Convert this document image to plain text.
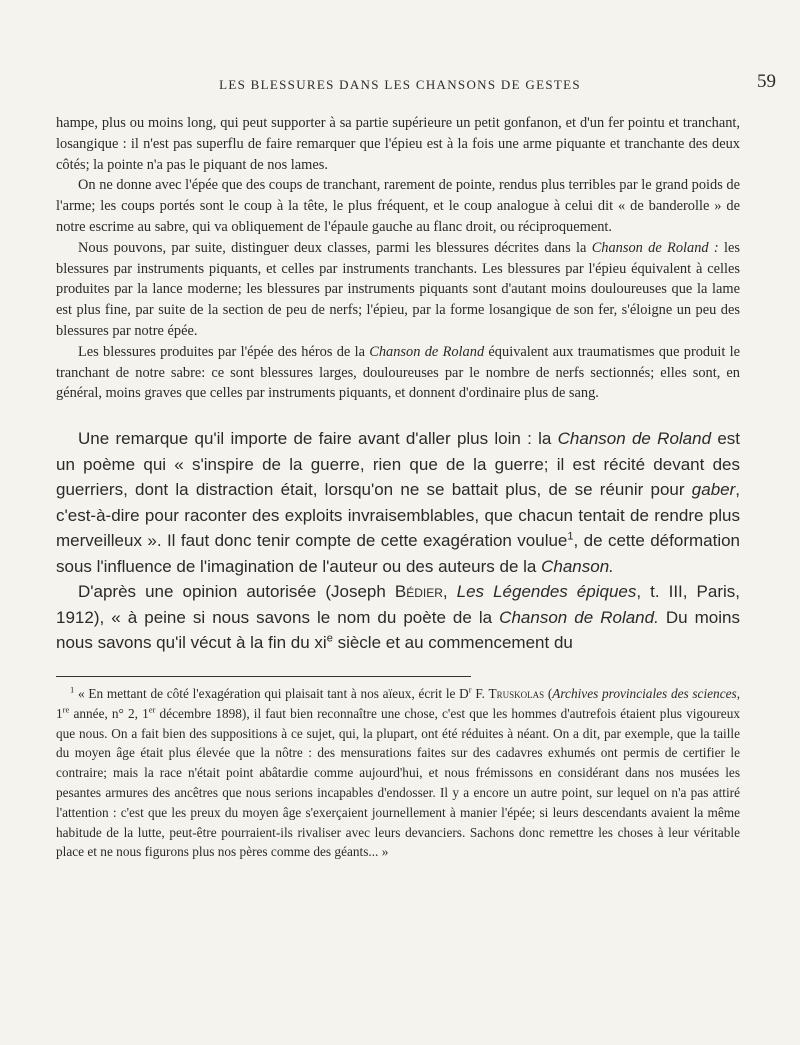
LES BLESSURES DANS LES CHANSONS DE GESTES	59

hampe, plus ou moins long, qui peut supporter à sa partie supérieure un petit gonfanon, et d'un fer pointu et tranchant, losangique : il n'est pas superflu de faire remarquer que l'épieu est à la fois une arme piquante et tranchante des deux côtés; la pointe n'a pas le piquant de nos lames.

On ne donne avec l'épée que des coups de tranchant, rarement de pointe, rendus plus terribles par le grand poids de l'arme; les coups portés sont le coup à la tête, le plus fréquent, et le coup analogue à celui dit « de banderolle » de notre escrime au sabre, qui va obliquement de l'épaule gauche au flanc droit, ou réciproquement.

Nous pouvons, par suite, distinguer deux classes, parmi les blessures décrites dans la Chanson de Roland : les blessures par instruments piquants, et celles par instruments tranchants. Les blessures par l'épieu équivalent à celles produites par la lance moderne; les blessures par instruments piquants sont d'autant moins douloureuses que la lame est plus fine, par suite de la section de peu de nerfs; l'épieu, par la forme losangique de son fer, s'éloigne un peu des blessures par notre épée.

Les blessures produites par l'épée des héros de la Chanson de Roland équivalent aux traumatismes que produit le tranchant de notre sabre: ce sont blessures larges, douloureuses par le nombre de nerfs sectionnés; elles sont, en général, moins graves que celles par instruments piquants, et donnent d'ordinaire plus de sang.

Une remarque qu'il importe de faire avant d'aller plus loin : la Chanson de Roland est un poème qui « s'inspire de la guerre, rien que de la guerre; il est récité devant des guerriers, dont la distraction était, lorsqu'on ne se battait plus, de se réunir pour gaber, c'est-à-dire pour raconter des exploits invraisemblables, que chacun tentait de rendre plus merveilleux ». Il faut donc tenir compte de cette exagération voulue$^1$, de cette déformation sous l'influence de l'imagination de l'auteur ou des auteurs de la Chanson.

D'après une opinion autorisée (Joseph Bédier, Les Légendes épiques, t. III, Paris, 1912), « à peine si nous savons le nom du poète de la Chanson de Roland. Du moins nous savons qu'il vécut à la fin du $xi^e$ siècle et au commencement du

$^1$ « En mettant de côté l'exagération qui plaisait tant à nos aïeux, écrit le $D^r$ F. Truskolas (Archives provinciales des sciences, 1re année, n° 2, 1er décembre 1898), il faut bien reconnaître une chose, c'est que les hommes d'autrefois étaient plus vigoureux que nous. On a fait bien des suppositions à ce sujet, qui, la plupart, ont été réduites à néant. On a dit, par exemple, que la taille du moyen âge était plus élevée que la nôtre : des mensurations faites sur des cadavres exhumés ont permis de certifier le contraire; mais la race n'était point abâtardie comme aujourd'hui, et nous frémissons en considérant dans nos musées les pesantes armures des ancêtres que nous serions incapables d'endosser. Il y a encore un autre point, sur lequel on n'a pas attiré l'attention : c'est que les preux du moyen âge s'exerçaient journellement à manier l'épée; si leurs descendants avaient la même habitude de la lutte, peut-être pourraient-ils rivaliser avec leurs devanciers. Sachons donc remettre les choses à leur véritable place et ne nous figurons plus nos pères comme des géants... »
